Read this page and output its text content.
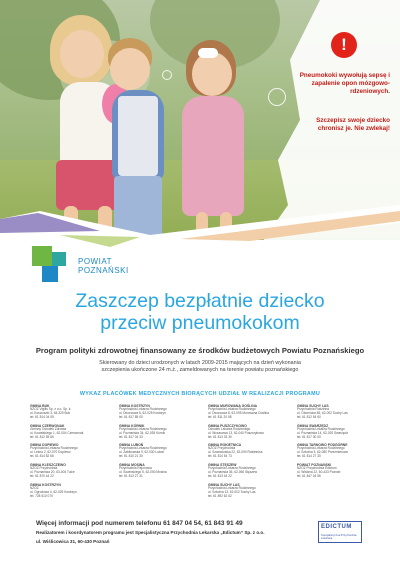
!
Pneumokoki wywołują sepsę i zapalenie opon mózgowo-rdzeniowych.
Szczepisz swoje dziecko chronisz je. Nie zwlekaj!
POWIAT
POZNAŃSKI
Zaszczep bezpłatnie dziecko
przeciw pneumokokom
Program polityki zdrowotnej finansowany ze środków budżetowych Powiatu Poznańskiego
Skierowany do dzieci urodzonych w latach 2009-2015 mających na dzień wykonania
szczepienia ukończone 24 m.ż., zameldowanych na terenie powiatu poznańskiego
WYKAZ PLACÓWEK MEDYCZNYCH BIORĄCYCH UDZIAŁ W REALIZACJI PROGRAMU
GMINA BUK
NZOZ Vigilis Sp. z o.o. Sp. k.
ul. Kosciuszki 3, 64-320 Buk
tel. 61 814 04 05
GMINA CZERWONAK
Gminny Ośrodek Zdrowia
ul. Kowalskiego 1, 62-004 Czerwonak
tel. 61 812 55 66
GMINA DOPIEWO
Przychodnia Lekarza Rodzinnego
ul. Leśna 2, 62-070 Dopiewo
tel. 61 814 82 66
GMINA KLESZCZEWO
NZOZ Przychodnia
ul. Poznańska 20, 63-004 Tulce
tel. 61 870 44 22
GMINA KOSTRZYN
NZOZ
ul. Ogrodowa 4, 62-025 Kostrzyn
tel. 728 510 070
GMINA KOSTRZYN
Przychodnia Lekarza Rodzinnego
ul. Dworcowa 5, 62-025 Kostrzyn
tel. 61 817 85 00
GMINA KÓRNIK
Przychodnia Lekarza Rodzinnego
ul. Poznańska 34, 62-035 Kórnik
tel. 61 817 04 33
GMINA LUBOŃ
Przychodnia Lekarza Rodzinnego
ul. Żabikowska 9, 62-030 Luboń
tel. 61 810 21 30
GMINA MOSINA
Przychodnia Rejonowa
ul. Sowinskiego 5, 62-050 Mosina
tel. 61 813 27 31
GMINA MUROWANA GOŚLINA
Przychodnia Lekarza Rodzinnego
ul. Dworcowa 8, 62-095 Murowana Goślina
tel. 61 811 20 58
GMINA PUSZCZYKOWO
Ośrodek Lekarza Rodzinnego
ul. Wczasowa 13, 62-040 Puszczykowo
tel. 61 813 33 30
GMINA ROKIETNICA
NZOZ Przychodnia
ul. Szamotulska 22, 62-090 Rokietnica
tel. 61 814 54 73
GMINA STĘSZEW
Przychodnia Lekarza Rodzinnego
ul. Poznańska 36, 62-060 Stęszew
tel. 61 813 44 22
GMINA SUCHY LAS
Przychodnia Lekarza Rodzinnego
ul. Szkolna 13, 62-002 Suchy Las
tel. 61 892 62 62
GMINA SUCHY LAS
Przychodnia Rodzinna
ul. Obornicka 85, 62-002 Suchy Las
tel. 61 812 54 60
GMINA SWARZĘDZ
Przychodnia Lekarza Rodzinnego
ul. Poznańska 14, 62-020 Swarzędz
tel. 61 817 30 00
GMINA TARNOWO PODGÓRNE
Przychodnia Lekarza Rodzinnego
ul. Szkolna 3, 62-080 Przeźmierowo
tel. 61 814 27 30
POWIAT POZNAŃSKI
NZOZ Przychodnia Edictum
ul. Wiślana 22, 60-433 Poznań
tel. 61 847 04 56
Więcej informacji pod numerem telefonu 61 847 04 54, 61 843 91 49
Realizatorem i koordynatorem programu jest Specjalistyczna Przychodnia Lekarska „Edictum” Sp. z o.o.
ul. Wiślicowica 31, 60-430 Poznań
EDICTUM
Specjalistyczna Przychodnia Lekarska
